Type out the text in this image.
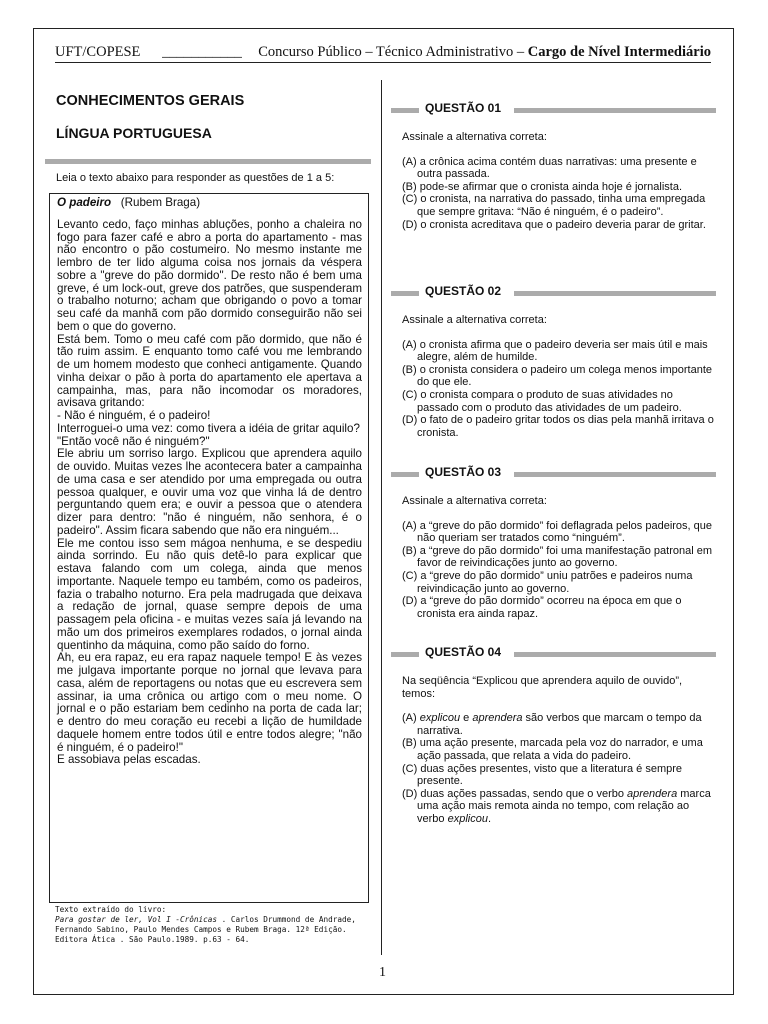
UFT/COPESE ___________ Concurso Público – Técnico Administrativo – Cargo de Nível Intermediário
CONHECIMENTOS GERAIS
LÍNGUA PORTUGUESA

Leia o texto abaixo para responder as questões de 1 a 5:

O padeiro (Rubem Braga)

Levanto cedo, faço minhas abluções, ponho a chaleira no fogo para fazer café e abro a porta do apartamento - mas não encontro o pão costumeiro. No mesmo instante me lembro de ter lido alguma coisa nos jornais da véspera sobre a "greve do pão dormido". De resto não é bem uma greve, é um lock-out, greve dos patrões, que suspenderam o trabalho noturno; acham que obrigando o povo a tomar seu café da manhã com pão dormido conseguirão não sei bem o que do governo.

Está bem. Tomo o meu café com pão dormido, que não é tão ruim assim. E enquanto tomo café vou me lembrando de um homem modesto que conheci antigamente. Quando vinha deixar o pão à porta do apartamento ele apertava a campainha, mas, para não incomodar os moradores, avisava gritando:

- Não é ninguém, é o padeiro!

Interroguei-o uma vez: como tivera a idéia de gritar aquilo?

"Então você não é ninguém?"

Ele abriu um sorriso largo. Explicou que aprendera aquilo de ouvido. Muitas vezes lhe acontecera bater a campainha de uma casa e ser atendido por uma empregada ou outra pessoa qualquer, e ouvir uma voz que vinha lá de dentro perguntando quem era; e ouvir a pessoa que o atendera dizer para dentro: "não é ninguém, não senhora, é o padeiro". Assim ficara sabendo que não era ninguém...

Ele me contou isso sem mágoa nenhuma, e se despediu ainda sorrindo. Eu não quis detê-lo para explicar que estava falando com um colega, ainda que menos importante. Naquele tempo eu também, como os padeiros, fazia o trabalho noturno. Era pela madrugada que deixava a redação de jornal, quase sempre depois de uma passagem pela oficina - e muitas vezes saía já levando na mão um dos primeiros exemplares rodados, o jornal ainda quentinho da máquina, como pão saído do forno.

Ah, eu era rapaz, eu era rapaz naquele tempo! E às vezes me julgava importante porque no jornal que levava para casa, além de reportagens ou notas que eu escrevera sem assinar, ia uma crônica ou artigo com o meu nome. O jornal e o pão estariam bem cedinho na porta de cada lar; e dentro do meu coração eu recebi a lição de humildade daquele homem entre todos útil e entre todos alegre; "não é ninguém, é o padeiro!"

E assobiava pelas escadas.

Texto extraído do livro:
Para gostar de ler, Vol I -Crônicas . Carlos Drummond de Andrade, Fernando Sabino, Paulo Mendes Campos e Rubem Braga. 12ª Edição. Editora Ática . São Paulo.1989. p.63 - 64.

QUESTÃO 01

Assinale a alternativa correta:

(A) a crônica acima contém duas narrativas: uma presente e outra passada.
(B) pode-se afirmar que o cronista ainda hoje é jornalista.
(C) o cronista, na narrativa do passado, tinha uma empregada que sempre gritava: “Não é ninguém, é o padeiro”.
(D) o cronista acreditava que o padeiro deveria parar de gritar.
QUESTÃO 02

Assinale a alternativa correta:

(A) o cronista afirma que o padeiro deveria ser mais útil e mais alegre, além de humilde.
(B) o cronista considera o padeiro um colega menos importante do que ele.
(C) o cronista compara o produto de suas atividades no passado com o produto das atividades de um padeiro.
(D) o fato de o padeiro gritar todos os dias pela manhã irritava o cronista.
QUESTÃO 03

Assinale a alternativa correta:

(A) a “greve do pão dormido” foi deflagrada pelos padeiros, que não queriam ser tratados como “ninguém”.
(B) a “greve do pão dormido” foi uma manifestação patronal em favor de reivindicações junto ao governo.
(C) a “greve do pão dormido” uniu patrões e padeiros numa reivindicação junto ao governo.
(D) a “greve do pão dormido” ocorreu na época em que o cronista era ainda rapaz.
QUESTÃO 04

Na seqüência “Explicou que aprendera aquilo de ouvido”, temos:

(A) explicou e aprendera são verbos que marcam o tempo da narrativa.
(B) uma ação presente, marcada pela voz do narrador, e uma ação passada, que relata a vida do padeiro.
(C) duas ações presentes, visto que a literatura é sempre presente.
(D) duas ações passadas, sendo que o verbo aprendera marca uma ação mais remota ainda no tempo, com relação ao verbo explicou.
1
